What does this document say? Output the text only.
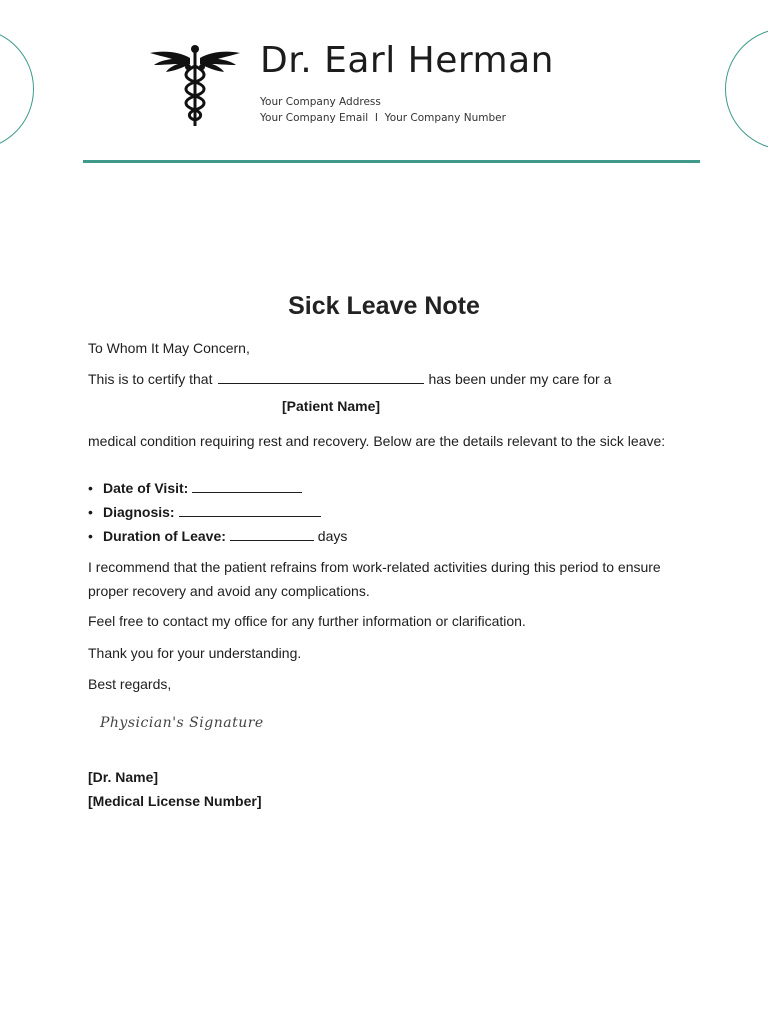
Dr. Earl Herman
Your Company Address
Your Company Email I Your Company Number
Sick Leave Note
To Whom It May Concern,
This is to certify that	has been under my care for a
[Patient Name]
medical condition requiring rest and recovery. Below are the details relevant to the sick leave:
• Date of Visit:
• Diagnosis:
• Duration of Leave:	days
I recommend that the patient refrains from work-related activities during this period to ensure proper recovery and avoid any complications.
Feel free to contact my office for any further information or clarification.
Thank you for your understanding.
Best regards,
Physician's Signature
[Dr. Name]
[Medical License Number]
